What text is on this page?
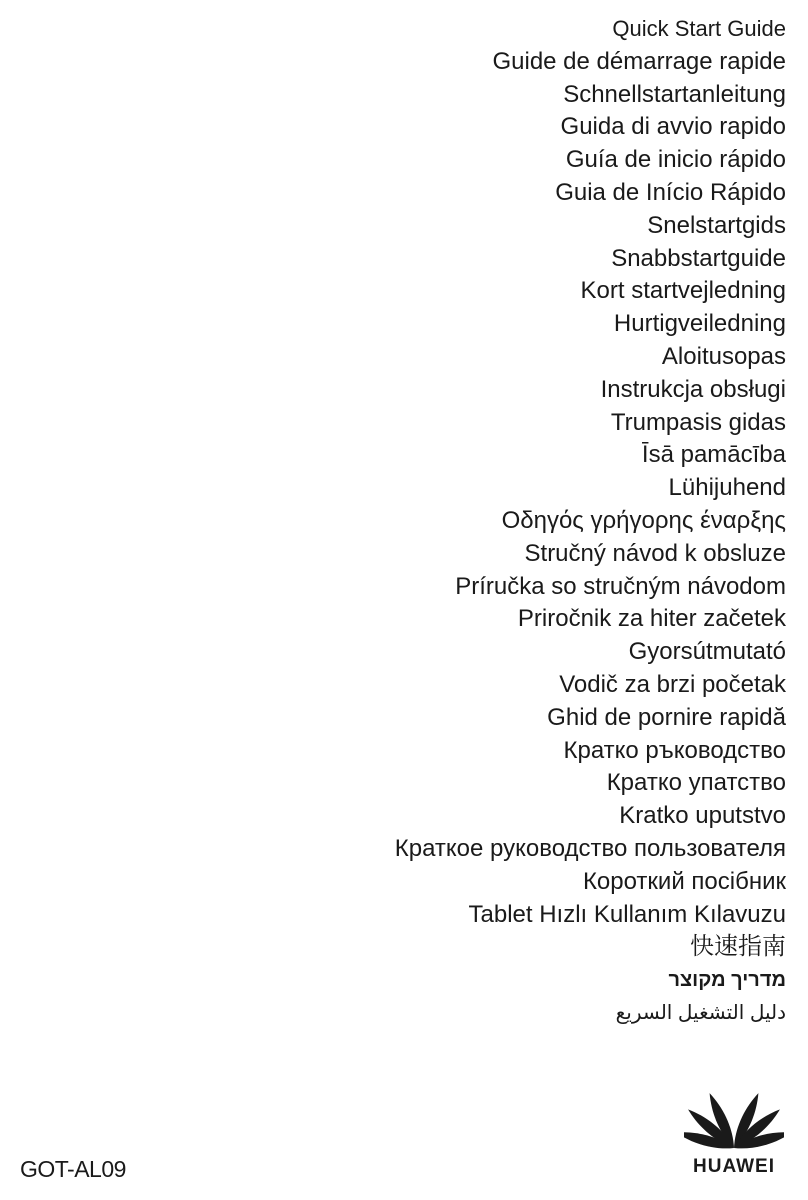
Quick Start Guide
Guide de démarrage rapide
Schnellstartanleitung
Guida di avvio rapido
Guía de inicio rápido
Guia de Início Rápido
Snelstartgids
Snabbstartguide
Kort startvejledning
Hurtigveiledning
Aloitusopas
Instrukcja obsługi
Trumpasis gidas
Īsā pamācība
Lühijuhend
Οδηγός γρήγορης έναρξης
Stručný návod k obsluze
Príručka so stručným návodom
Priročnik za hiter začetek
Gyorsútmutató
Vodič za brzi početak
Ghid de pornire rapidă
Кратко ръководство
Кратко упатство
Kratko uputstvo
Краткое руководство пользователя
Короткий посібник
Tablet Hızlı Kullanım Kılavuzu
快速指南
מדריך מקוצר
دليل التشغيل السريع
GOT-AL09	HUAWEI
